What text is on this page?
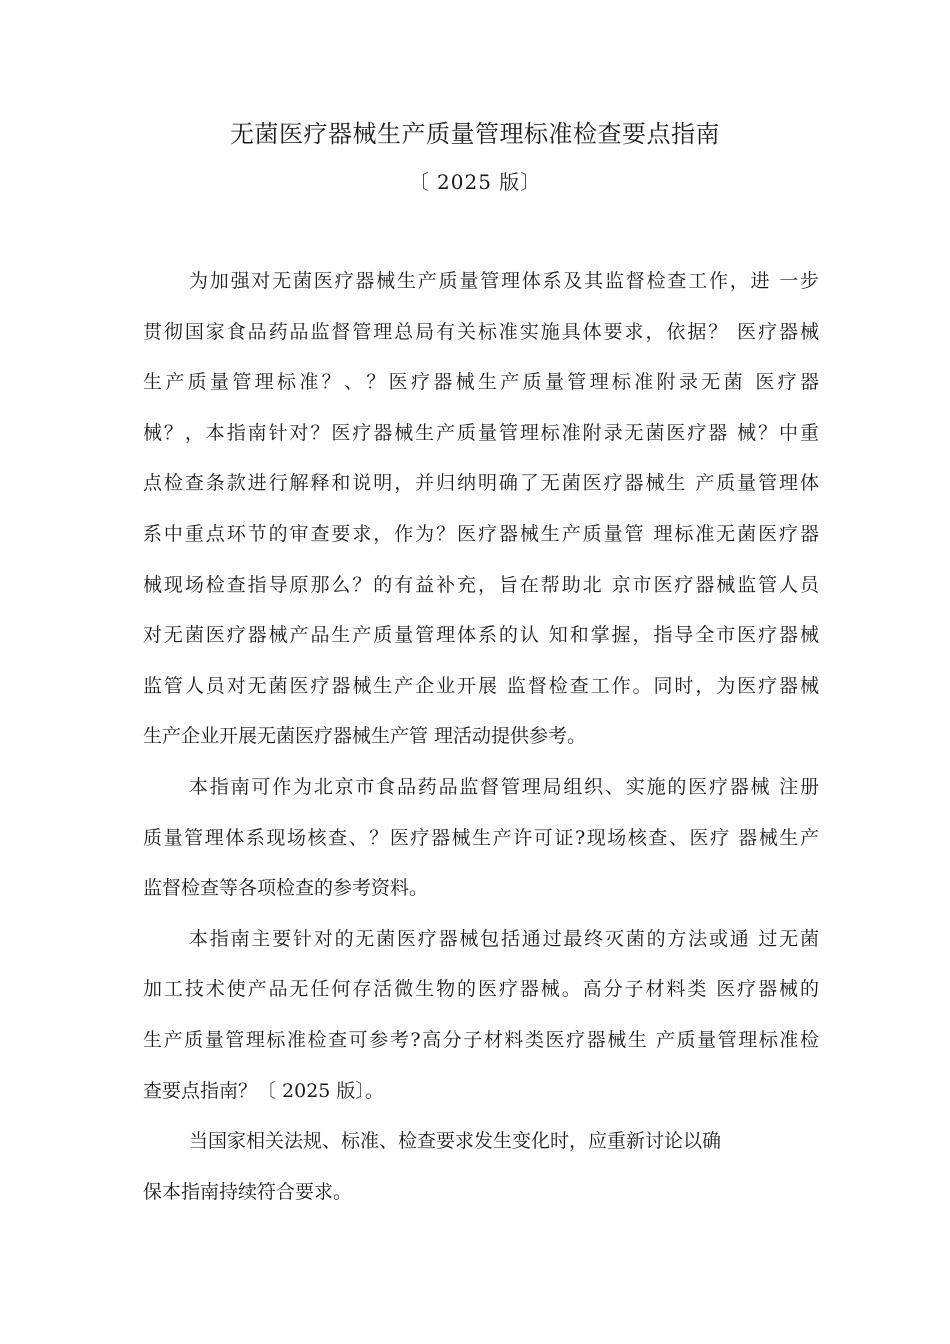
无菌医疗器械生产质量管理标准检查要点指南
〔 2025 版〕
为加强对无菌医疗器械生产质量管理体系及其监督检查工作，进 一步
贯彻国家食品药品监督管理总局有关标准实施具体要求，依据？ 医疗器械
生产质量管理标准？、？医疗器械生产质量管理标准附录无菌 医疗器
械？，本指南针对？医疗器械生产质量管理标准附录无菌医疗器 械？中重
点检查条款进行解释和说明，并归纳明确了无菌医疗器械生 产质量管理体
系中重点环节的审查要求，作为？医疗器械生产质量管 理标准无菌医疗器
械现场检查指导原那么？的有益补充，旨在帮助北 京市医疗器械监管人员
对无菌医疗器械产品生产质量管理体系的认 知和掌握，指导全市医疗器械
监管人员对无菌医疗器械生产企业开展 监督检查工作。同时，为医疗器械
生产企业开展无菌医疗器械生产管 理活动提供参考。
本指南可作为北京市食品药品监督管理局组织、实施的医疗器械 注册
质量管理体系现场核查、？医疗器械生产许可证?现场核查、医疗 器械生产
监督检查等各项检查的参考资料。
本指南主要针对的无菌医疗器械包括通过最终灭菌的方法或通 过无菌
加工技术使产品无任何存活微生物的医疗器械。高分子材料类 医疗器械的
生产质量管理标准检查可参考?高分子材料类医疗器械生 产质量管理标准检
查要点指南？〔 2025 版〕。
当国家相关法规、标准、检查要求发生变化时，应重新讨论以确
保本指南持续符合要求。
